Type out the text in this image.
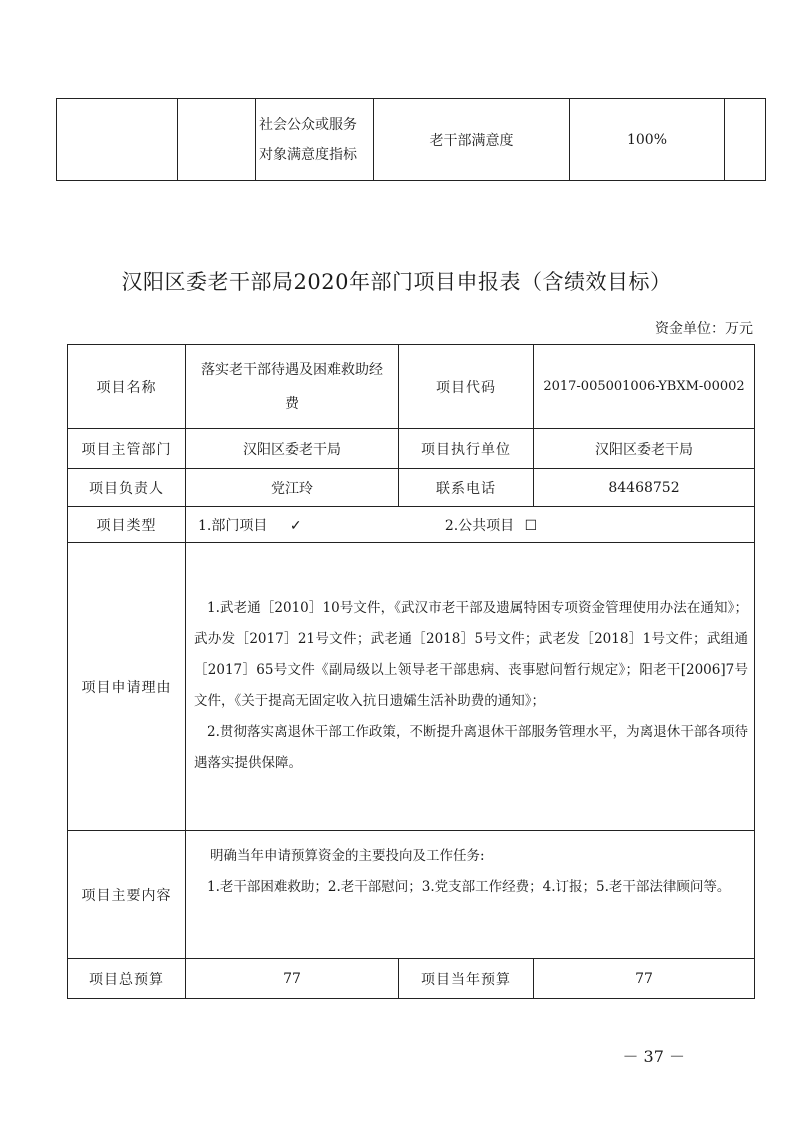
社会公众或服务
对象满意度指标
	老干部满意度	100%	
汉阳区委老干部局2020年部门项目申报表（含绩效目标）
资金单位：万元
项目名称	落实老干部待遇及困难救助经费	项目代码	2017-005001006-YBXM-00002
项目主管部门	汉阳区委老干局	项目执行单位	汉阳区委老干局
项目负责人	党江玲	联系电话	84468752
项目类型	1.部门项目 ✓ 2.公共项目 ☐		
项目申请理由	1.武老通［2010］10号文件，《武汉市老干部及遗属特困专项资金管理使用办法在通知》；武办发［2017］21号文件；武老通［2018］5号文件；武老发［2018］1号文件；武组通［2017］65号文件《副局级以上领导老干部患病、丧事慰问暂行规定》；阳老干[2006]7号文件，《关于提高无固定收入抗日遗孀生活补助费的通知》；

2.贯彻落实离退休干部工作政策，不断提升离退休干部服务管理水平，为离退休干部各项待遇落实提供保障。		

项目主要内容	明确当年申请预算资金的主要投向及工作任务:

1.老干部困难救助；2.老干部慰问；3.党支部工作经费；4.订报；5.老干部法律顾问等。		

项目总预算	77	项目当年预算	77
－ 37 －
